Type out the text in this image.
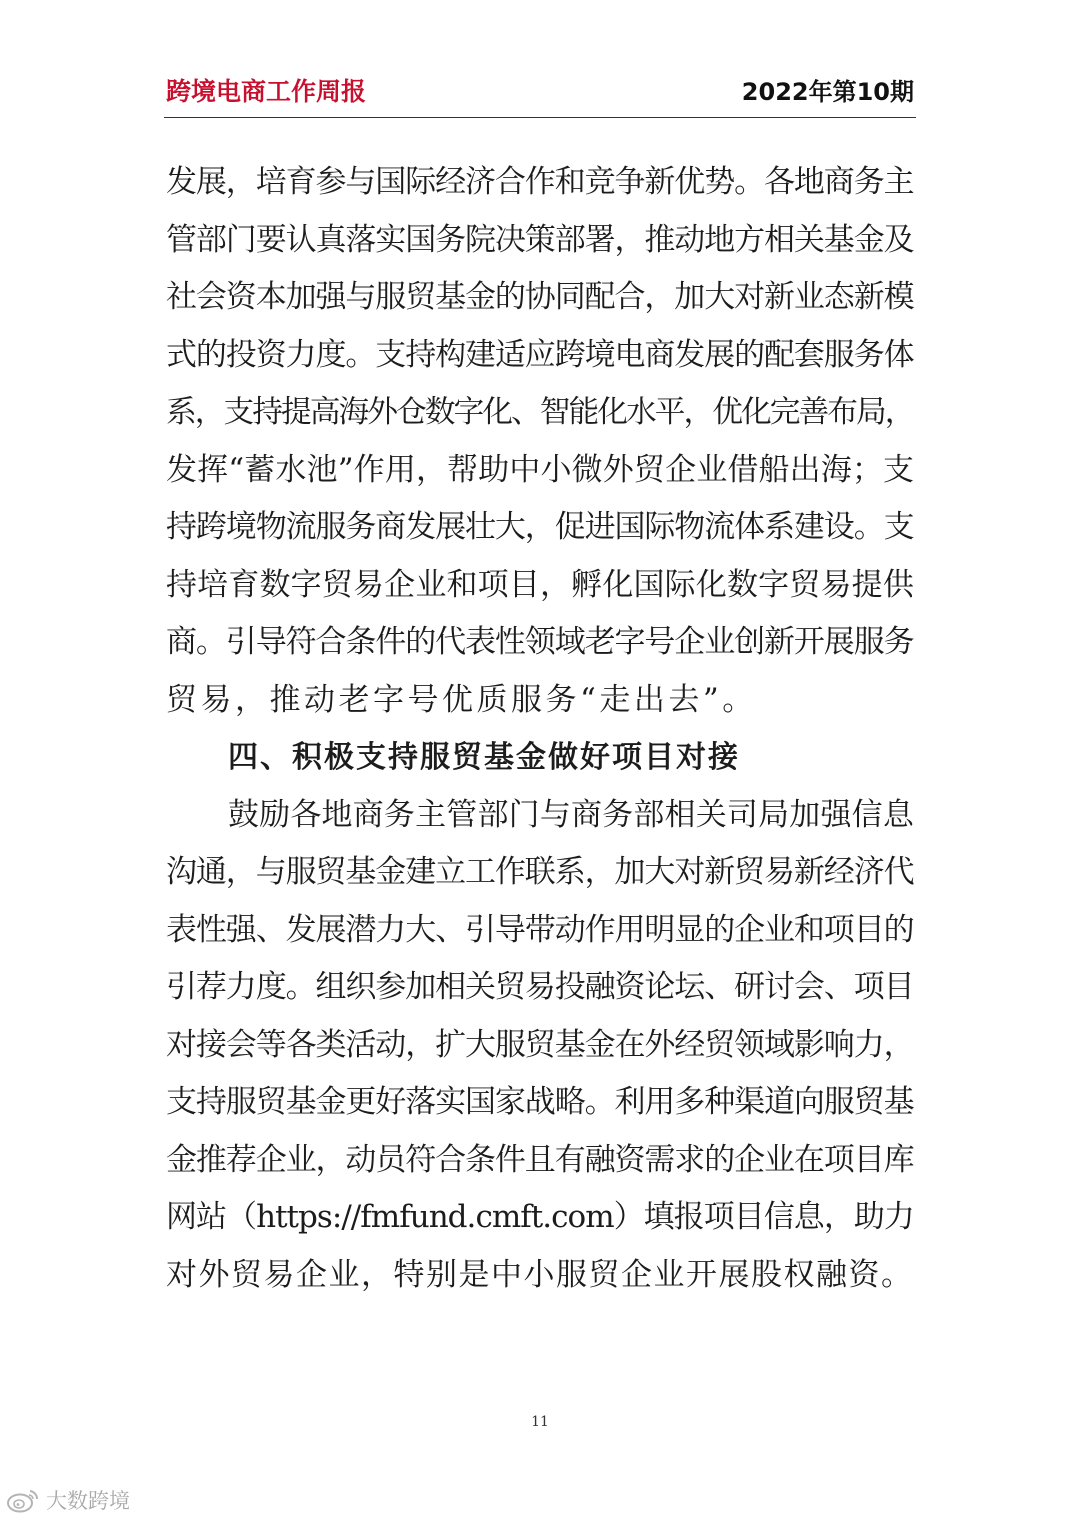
跨境电商工作周报	2022年第10期
发展，培育参与国际经济合作和竞争新优势。各地商务主
管部门要认真落实国务院决策部署，推动地方相关基金及
社会资本加强与服贸基金的协同配合，加大对新业态新模
式的投资力度。支持构建适应跨境电商发展的配套服务体
系，支持提高海外仓数字化、智能化水平，优化完善布局，
发挥“蓄水池”作用，帮助中小微外贸企业借船出海；支
持跨境物流服务商发展壮大，促进国际物流体系建设。支
持培育数字贸易企业和项目，孵化国际化数字贸易提供
商。引导符合条件的代表性领域老字号企业创新开展服务
贸易，推动老字号优质服务“走出去”。
四、积极支持服贸基金做好项目对接
鼓励各地商务主管部门与商务部相关司局加强信息
沟通，与服贸基金建立工作联系，加大对新贸易新经济代
表性强、发展潜力大、引导带动作用明显的企业和项目的
引荐力度。组织参加相关贸易投融资论坛、研讨会、项目
对接会等各类活动，扩大服贸基金在外经贸领域影响力，
支持服贸基金更好落实国家战略。利用多种渠道向服贸基
金推荐企业，动员符合条件且有融资需求的企业在项目库
网站（https://fmfund.cmft.com）填报项目信息，助力
对外贸易企业，特别是中小服贸企业开展股权融资。
11
大数跨境
